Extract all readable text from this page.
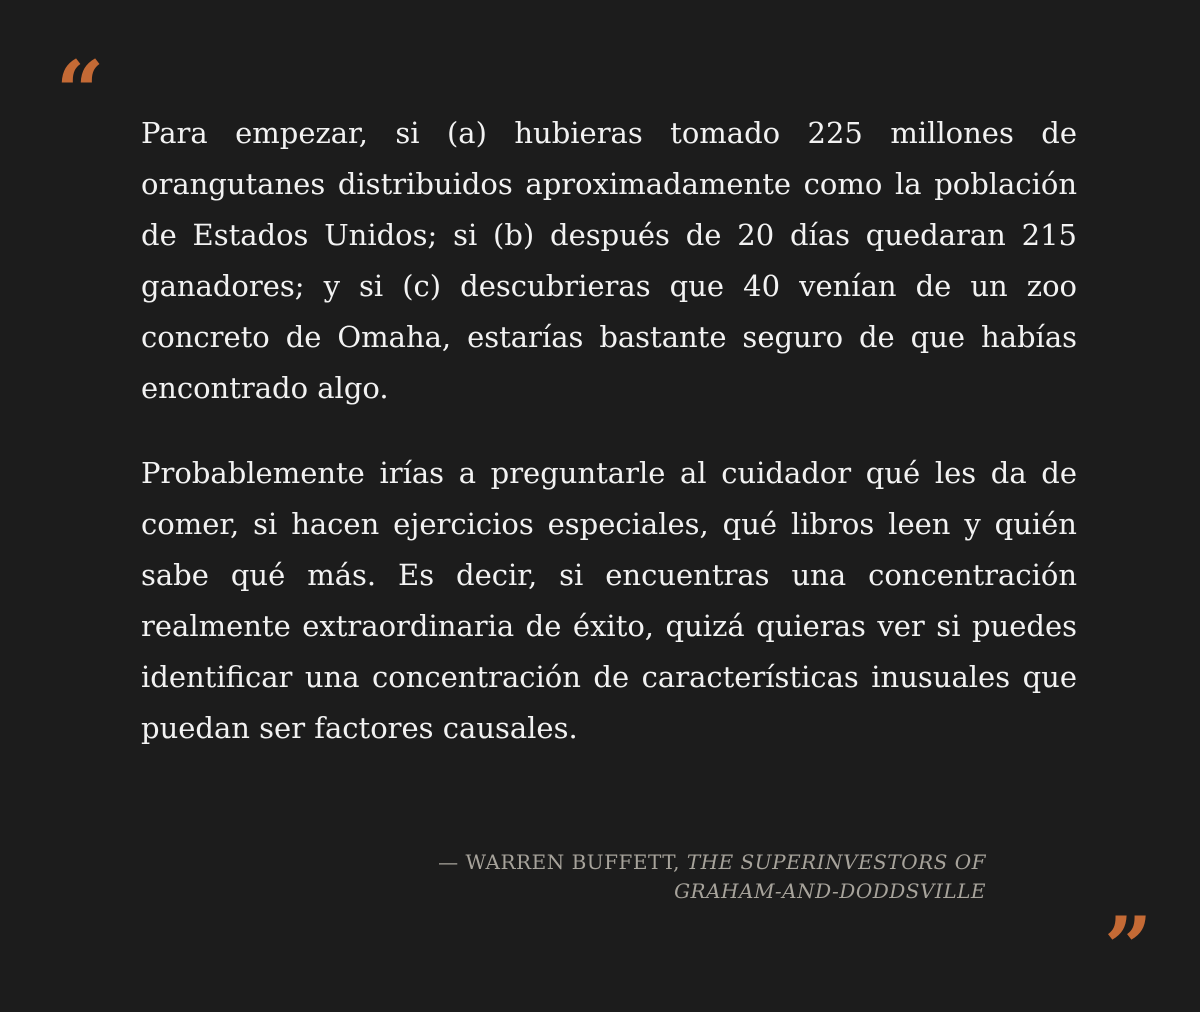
“ Para empezar, si (a) hubieras tomado 225 millones de orangutanes distribuidos aproximadamente como la población de Estados Unidos; si (b) después de 20 días quedaran 215 ganadores; y si (c) descubrieras que 40 venían de un zoo concreto de Omaha, estarías bastante seguro de que habías encontrado algo.

Probablemente irías a preguntarle al cuidador qué les da de comer, si hacen ejercicios especiales, qué libros leen y quién sabe qué más. Es decir, si encuentras una concentración realmente extraordinaria de éxito, quizá quieras ver si puedes identificar una concentración de características inusuales que puedan ser factores causales.

— WARREN BUFFETT, THE SUPERINVESTORS OF GRAHAM-AND-DODDSVILLE
”
